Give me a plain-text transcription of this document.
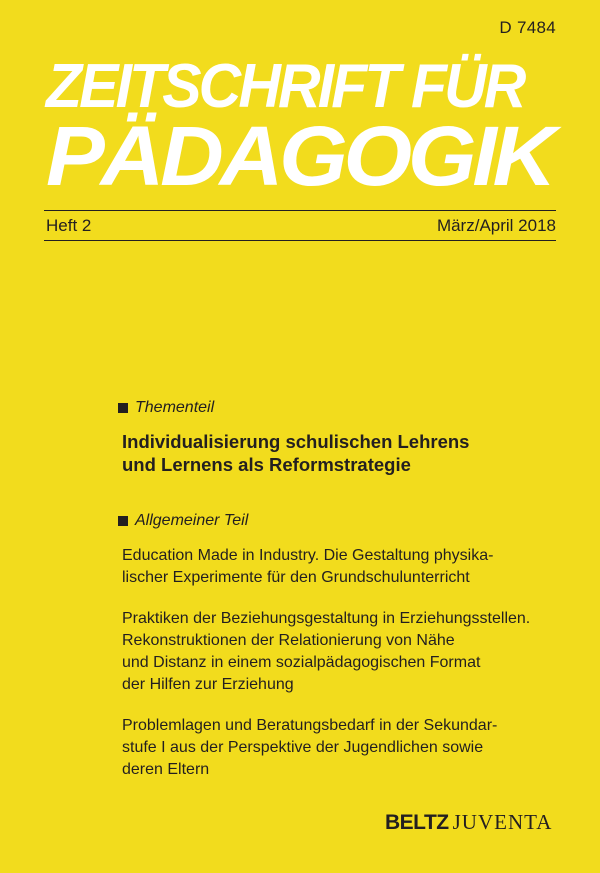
D 7484
ZEITSCHRIFT FÜR
PÄDAGOGIK
Heft 2	März/April 2018
Thementeil
Individualisierung schulischen Lehrens
und Lernens als Reformstrategie
Allgemeiner Teil

Education Made in Industry. Die Gestaltung physika-
lischer Experimente für den Grundschulunterricht

Praktiken der Beziehungsgestaltung in Erziehungsstellen.
Rekonstruktionen der Relationierung von Nähe
und Distanz in einem sozialpädagogischen Format
der Hilfen zur Erziehung

Problemlagen und Beratungsbedarf in der Sekundar-
stufe I aus der Perspektive der Jugendlichen sowie
deren Eltern

BELTZ JUVENTA
